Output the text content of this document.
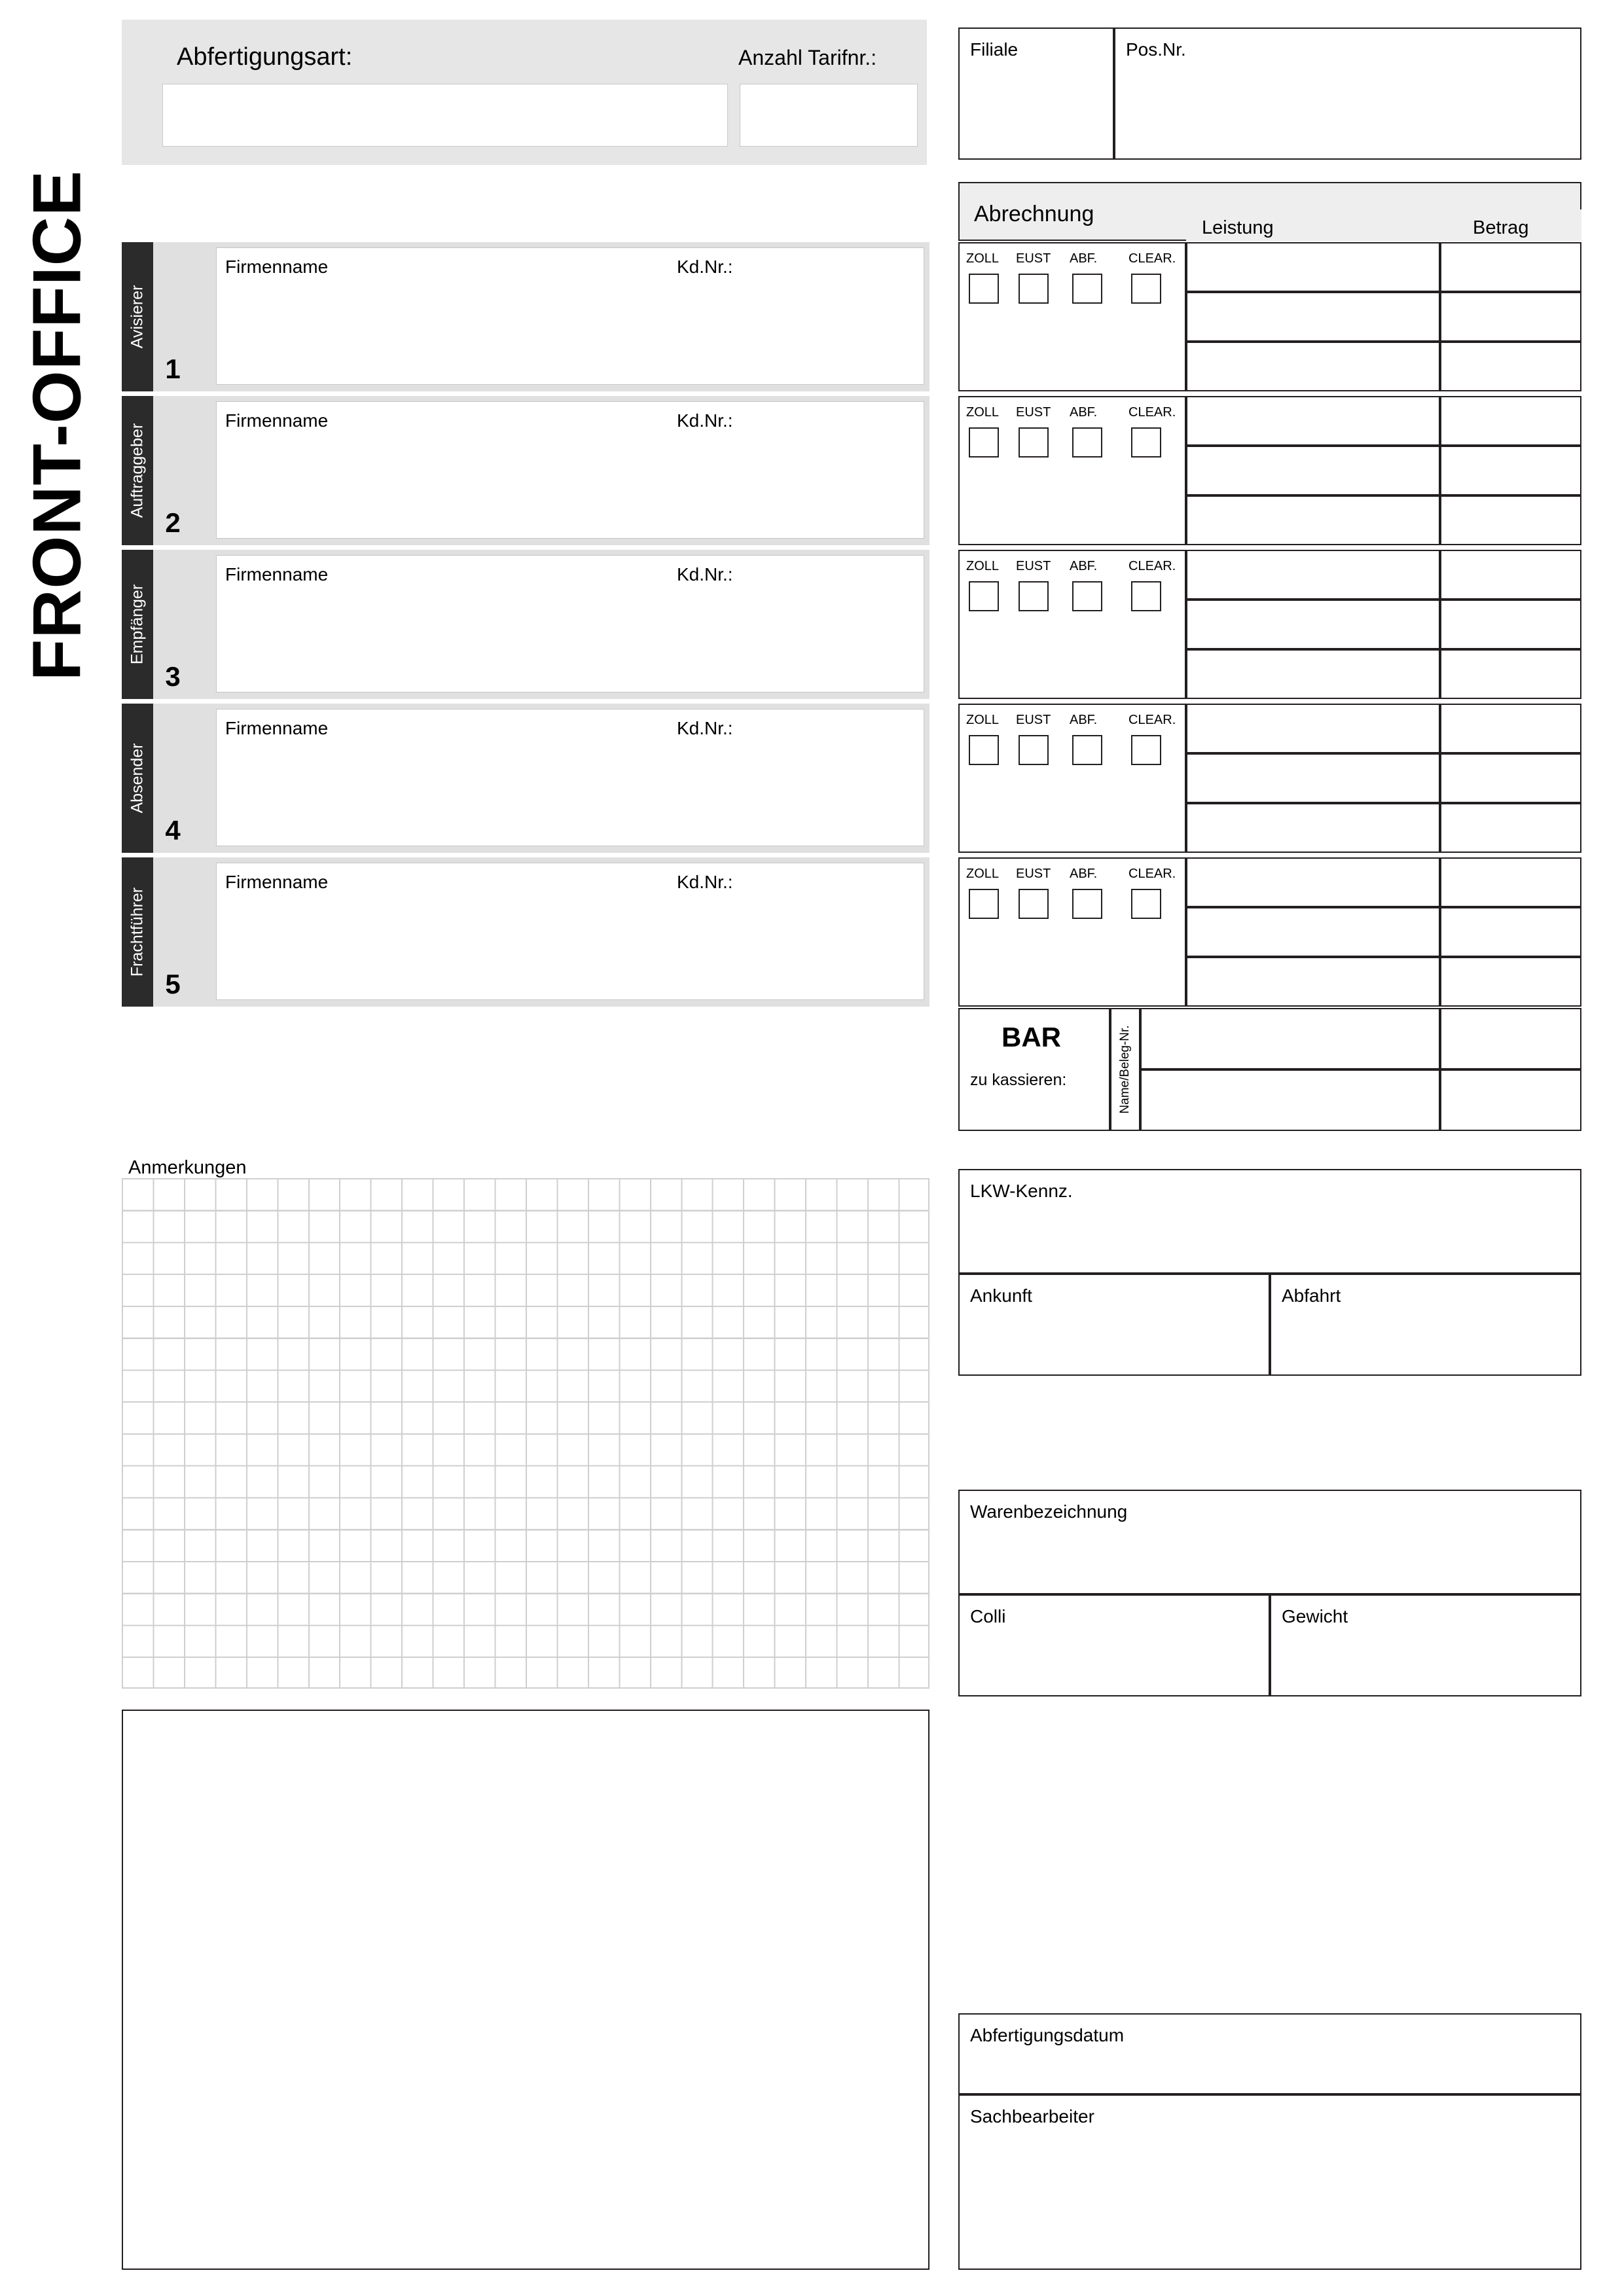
FRONT-OFFICE
Abfertigungsart:	Anzahl Tarifnr.:	Filiale	Pos.Nr.
Abrechnung
Leistung	Betrag
Avisierer
1
Firmenname	Kd.Nr.:
Auftraggeber
2
Firmenname	Kd.Nr.:
Empfänger
3
Firmenname	Kd.Nr.:
Absender
4
Firmenname	Kd.Nr.:
Frachtführer
5
Firmenname	Kd.Nr.:
ZOLL EUST ABF. CLEAR.
ZOLL EUST ABF. CLEAR.
ZOLL EUST ABF. CLEAR.
ZOLL EUST ABF. CLEAR.
ZOLL EUST ABF. CLEAR.
BAR
zu kassieren:	Name/Beleg-Nr.
Anmerkungen
LKW-Kennz.
Ankunft	Abfahrt
Warenbezeichnung
Colli	Gewicht
Abfertigungsdatum
Sachbearbeiter
